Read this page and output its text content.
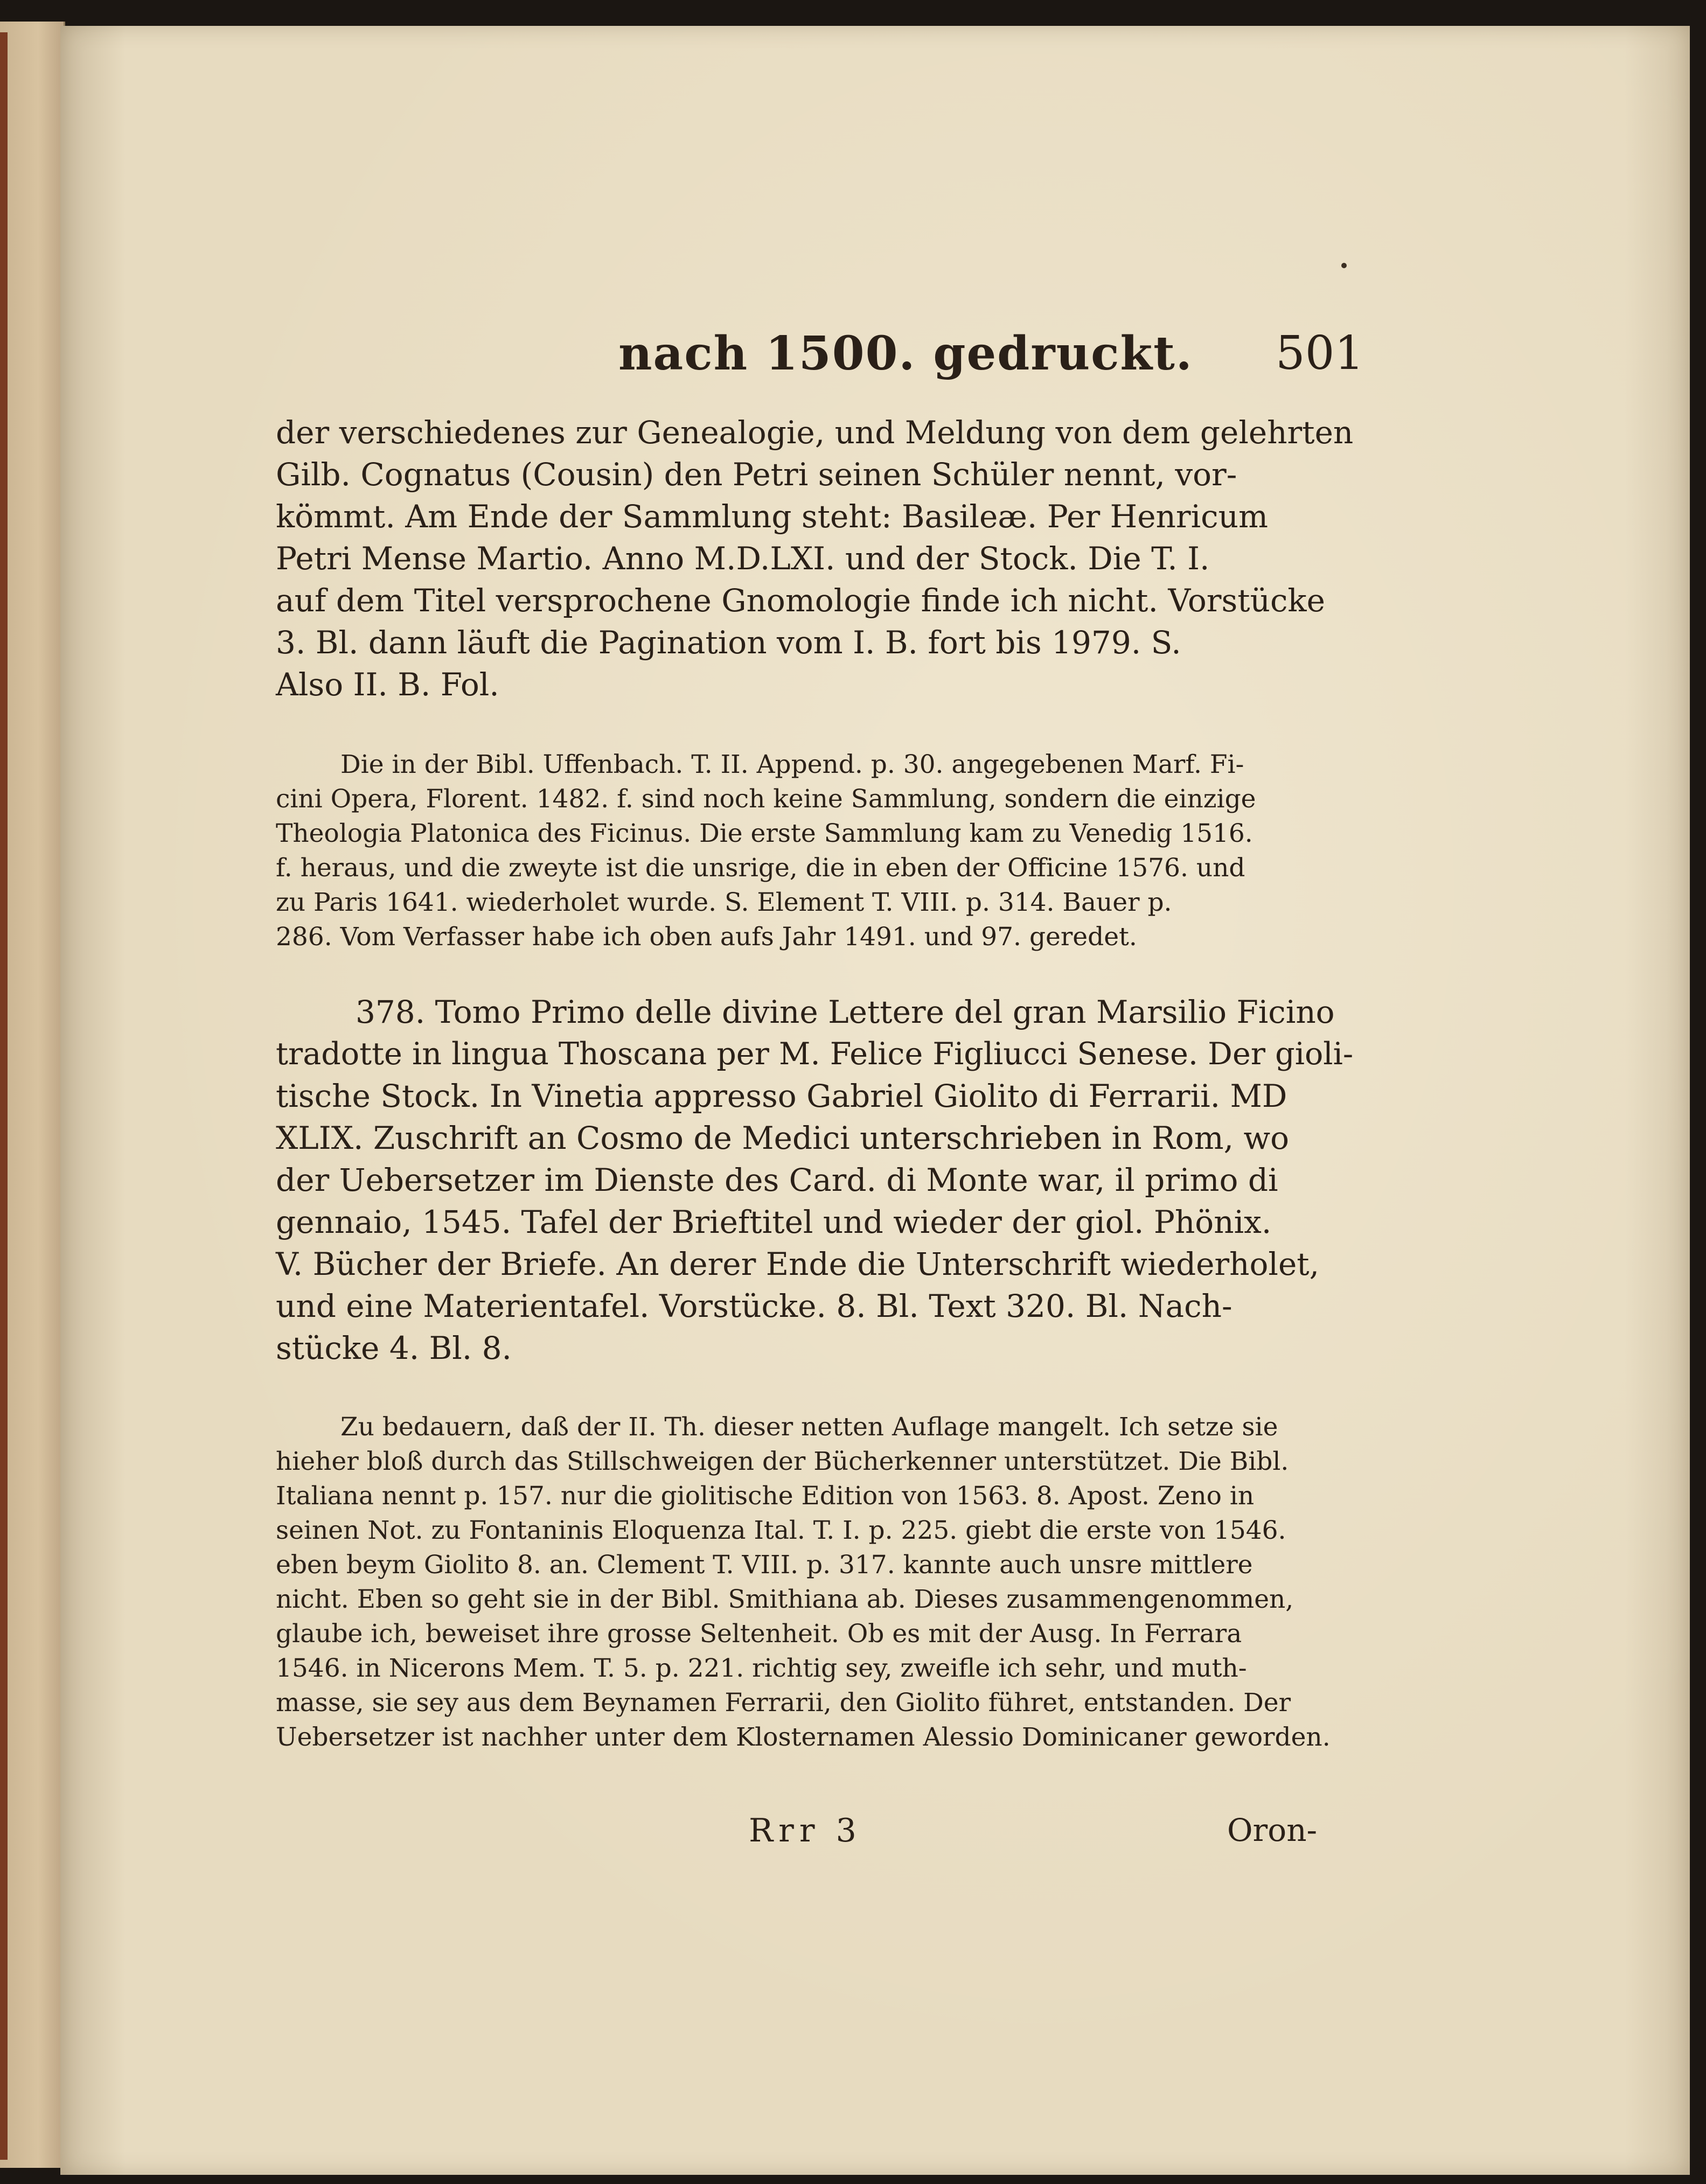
nach 1500. gedruckt. 501
der verschiedenes zur Genealogie, und Meldung von dem gelehrten
Gilb. Cognatus (Cousin) den Petri seinen Schüler nennt, vor-
kömmt. Am Ende der Sammlung steht: Basileæ. Per Henricum
Petri Mense Martio. Anno M.D.LXI. und der Stock. Die T. I.
auf dem Titel versprochene Gnomologie finde ich nicht. Vorstücke
3. Bl. dann läuft die Pagination vom I. B. fort bis 1979. S.
Also II. B. Fol.
Die in der Bibl. Uffenbach. T. II. Append. p. 30. angegebenen Marf. Fi-
cini Opera, Florent. 1482. f. sind noch keine Sammlung, sondern die einzige
Theologia Platonica des Ficinus. Die erste Sammlung kam zu Venedig 1516.
f. heraus, und die zweyte ist die unsrige, die in eben der Officine 1576. und
zu Paris 1641. wiederholet wurde. S. Element T. VIII. p. 314. Bauer p.
286. Vom Verfasser habe ich oben aufs Jahr 1491. und 97. geredet.
378. Tomo Primo delle divine Lettere del gran Marsilio Ficino
tradotte in lingua Thoscana per M. Felice Figliucci Senese. Der gioli-
tische Stock. In Vinetia appresso Gabriel Giolito di Ferrarii. MD
XLIX. Zuschrift an Cosmo de Medici unterschrieben in Rom, wo
der Uebersetzer im Dienste des Card. di Monte war, il primo di
gennaio, 1545. Tafel der Brieftitel und wieder der giol. Phönix.
V. Bücher der Briefe. An derer Ende die Unterschrift wiederholet,
und eine Materientafel. Vorstücke. 8. Bl. Text 320. Bl. Nach-
stücke 4. Bl. 8.
Zu bedauern, daß der II. Th. dieser netten Auflage mangelt. Ich setze sie
hieher bloß durch das Stillschweigen der Bücherkenner unterstützet. Die Bibl.
Italiana nennt p. 157. nur die giolitische Edition von 1563. 8. Apost. Zeno in
seinen Not. zu Fontaninis Eloquenza Ital. T. I. p. 225. giebt die erste von 1546.
eben beym Giolito 8. an. Clement T. VIII. p. 317. kannte auch unsre mittlere
nicht. Eben so geht sie in der Bibl. Smithiana ab. Dieses zusammengenommen,
glaube ich, beweiset ihre grosse Seltenheit. Ob es mit der Ausg. In Ferrara
1546. in Nicerons Mem. T. 5. p. 221. richtig sey, zweifle ich sehr, und muth-
masse, sie sey aus dem Beynamen Ferrarii, den Giolito führet, entstanden. Der
Uebersetzer ist nachher unter dem Klosternamen Alessio Dominicaner geworden.
Rrr 3	Oron-
